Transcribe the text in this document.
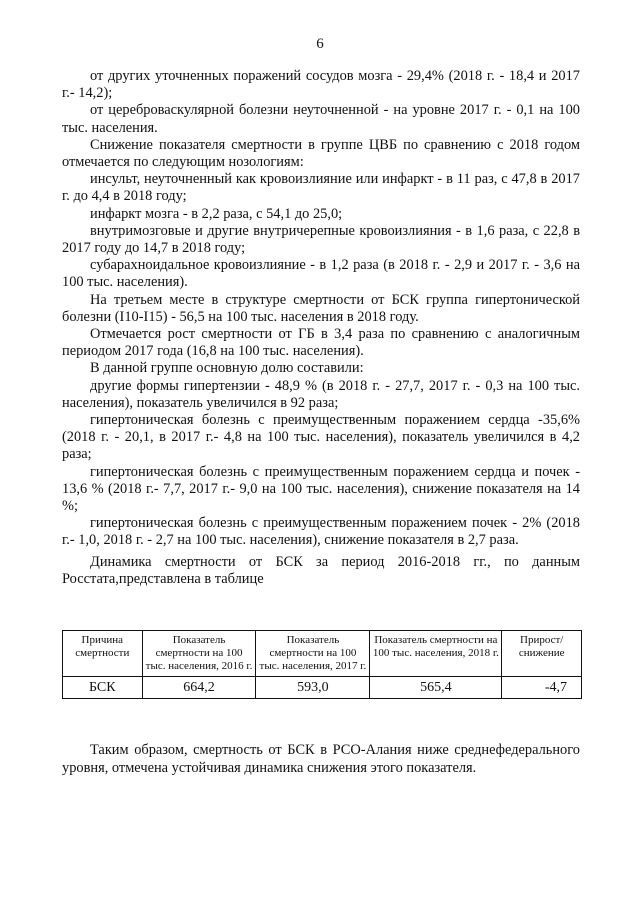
6

от других уточненных поражений сосудов мозга - 29,4% (2018 г. - 18,4 и 2017 г.- 14,2);

от цереброваскулярной болезни неуточненной - на уровне 2017 г. - 0,1 на 100 тыс. населения.

Снижение показателя смертности в группе ЦВБ по сравнению с 2018 годом отмечается по следующим нозологиям:

инсульт, неуточненный как кровоизлияние или инфаркт - в 11 раз, с 47,8 в 2017 г. до 4,4 в 2018 году;

инфаркт мозга - в 2,2 раза, с 54,1 до 25,0;

внутримозговые и другие внутричерепные кровоизлияния - в 1,6 раза, с 22,8 в 2017 году до 14,7 в 2018 году;

субарахноидальное кровоизлияние - в 1,2 раза (в 2018 г. - 2,9 и 2017 г. - 3,6 на 100 тыс. населения).

На третьем месте в структуре смертности от БСК группа гипертонической болезни (I10-I15) - 56,5 на 100 тыс. населения в 2018 году.

Отмечается рост смертности от ГБ в 3,4 раза по сравнению с аналогичным периодом 2017 года (16,8 на 100 тыс. населения).

В данной группе основную долю составили:

другие формы гипертензии - 48,9 % (в 2018 г. - 27,7, 2017 г. - 0,3 на 100 тыс. населения), показатель увеличился в 92 раза;

гипертоническая болезнь с преимущественным поражением сердца -35,6% (2018 г. - 20,1, в 2017 г.- 4,8 на 100 тыс. населения), показатель увеличился в 4,2 раза;

гипертоническая болезнь с преимущественным поражением сердца и почек - 13,6 % (2018 г.- 7,7, 2017 г.- 9,0 на 100 тыс. населения), снижение показателя на 14 %;

гипертоническая болезнь с преимущественным поражением почек - 2% (2018 г.- 1,0, 2018 г. - 2,7 на 100 тыс. населения), снижение показателя в 2,7 раза.

Динамика смертности от БСК за период 2016-2018 гг., по данным Росстата,представлена в таблице

Причина смертности	Показатель смертности на 100 тыс. населения, 2016 г.	Показатель смертности на 100 тыс. населения, 2017 г.	Показатель смертности на 100 тыс. населения, 2018 г.	Прирост/ снижение
БСК	664,2	593,0	565,4	-4,7

Таким образом, смертность от БСК в РСО-Алания ниже среднефедерального уровня, отмечена устойчивая динамика снижения этого показателя.
